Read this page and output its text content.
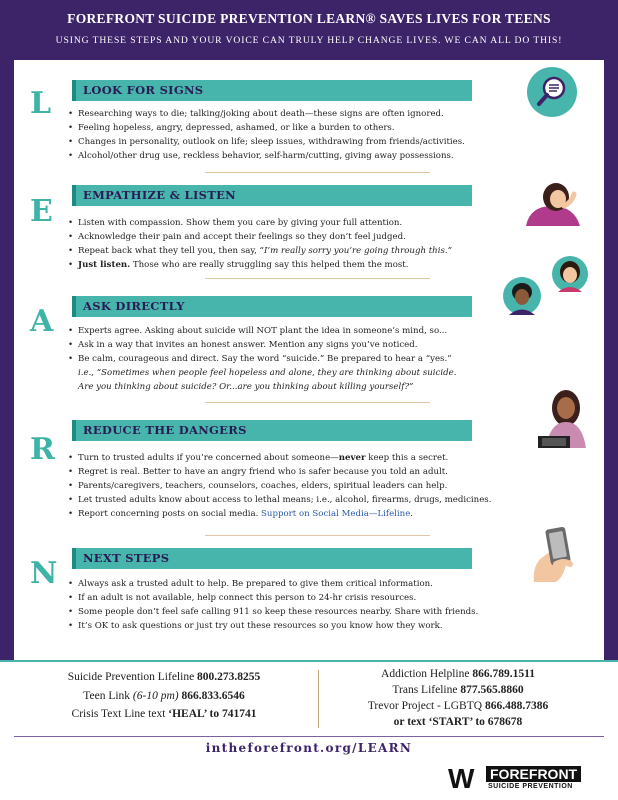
FOREFRONT SUICIDE PREVENTION LEARN® SAVES LIVES FOR TEENS
USING THESE STEPS AND YOUR VOICE CAN TRULY HELP CHANGE LIVES. WE CAN ALL DO THIS!
L	LOOK FOR SIGNS
• Researching ways to die; talking/joking about death—these signs are often ignored.
• Feeling hopeless, angry, depressed, ashamed, or like a burden to others.
• Changes in personality, outlook on life; sleep issues, withdrawing from friends/activities.
• Alcohol/other drug use, reckless behavior, self-harm/cutting, giving away possessions.
E	EMPATHIZE & LISTEN
• Listen with compassion. Show them you care by giving your full attention.
• Acknowledge their pain and accept their feelings so they don’t feel judged.
• Repeat back what they tell you, then say, “I’m really sorry you’re going through this.”
• Just listen. Those who are really struggling say this helped them the most.
A	ASK DIRECTLY
• Experts agree. Asking about suicide will NOT plant the idea in someone’s mind, so...
• Ask in a way that invites an honest answer. Mention any signs you’ve noticed.
• Be calm, courageous and direct. Say the word “suicide.” Be prepared to hear a “yes.”
i.e., “Sometimes when people feel hopeless and alone, they are thinking about suicide.
Are you thinking about suicide? Or...are you thinking about killing yourself?”
R
REDUCE THE DANGERS
• Turn to trusted adults if you’re concerned about someone—never keep this a secret.
• Regret is real. Better to have an angry friend who is safer because you told an adult.
• Parents/caregivers, teachers, counselors, coaches, elders, spiritual leaders can help.
• Let trusted adults know about access to lethal means; i.e., alcohol, firearms, drugs, medicines.
• Report concerning posts on social media. Support on Social Media—Lifeline.
N	NEXT STEPS
• Always ask a trusted adult to help. Be prepared to give them critical information.
• If an adult is not available, help connect this person to 24-hr crisis resources.
• Some people don’t feel safe calling 911 so keep these resources nearby. Share with friends.
• It’s OK to ask questions or just try out these resources so you know how they work.
Suicide Prevention Lifeline 800.273.8255
Teen Link (6-10 pm) 866.833.6546
Crisis Text Line text ‘HEAL’ to 741741
Addiction Helpline 866.789.1511
Trans Lifeline 877.565.8860
Trevor Project - LGBTQ 866.488.7386
or text ‘START’ to 678678
intheforefront.org/LEARN
W FOREFRONT
SUICIDE PREVENTION
